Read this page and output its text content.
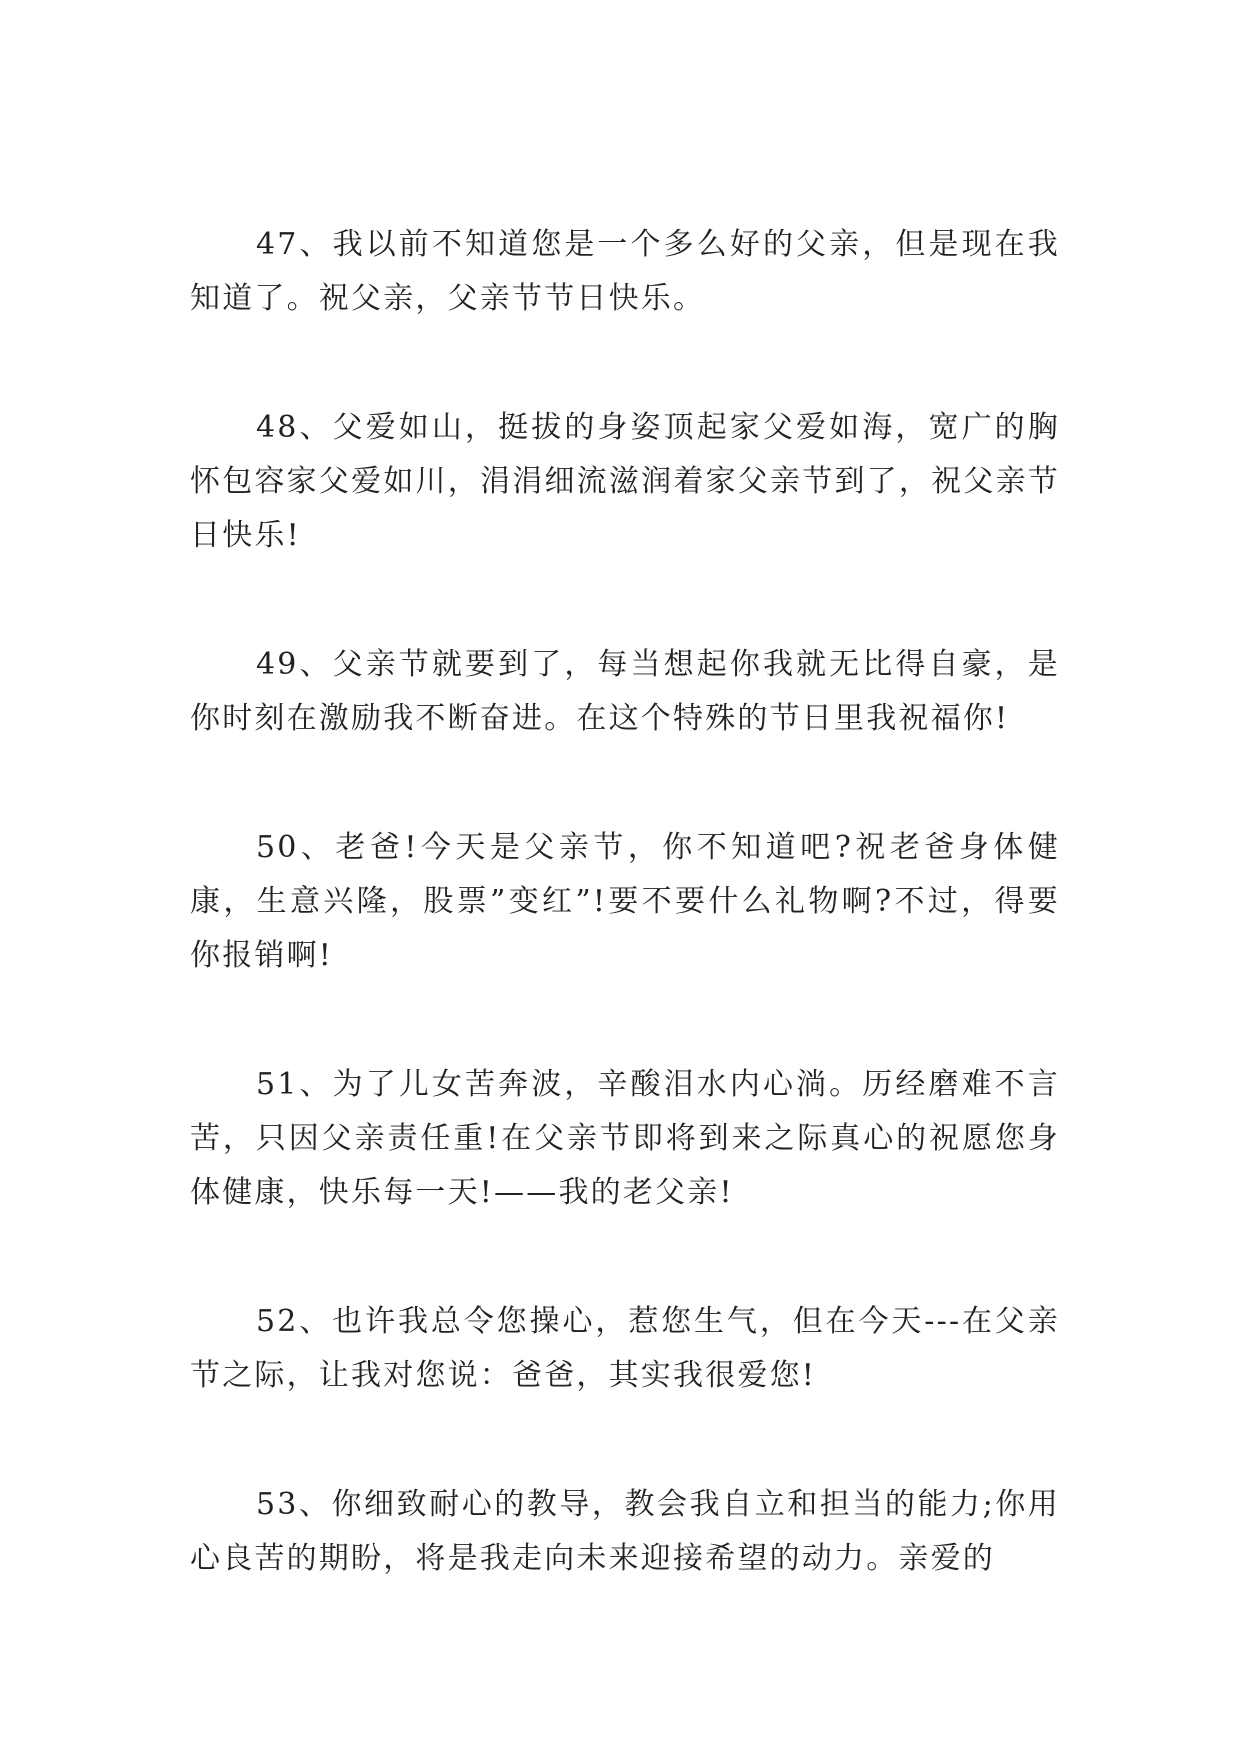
47、我以前不知道您是一个多么好的父亲，但是现在我知道了。祝父亲，父亲节节日快乐。

48、父爱如山，挺拔的身姿顶起家父爱如海，宽广的胸怀包容家父爱如川，涓涓细流滋润着家父亲节到了，祝父亲节日快乐!

49、父亲节就要到了，每当想起你我就无比得自豪，是你时刻在激励我不断奋进。在这个特殊的节日里我祝福你!

50、老爸!今天是父亲节，你不知道吧?祝老爸身体健康，生意兴隆，股票”变红”!要不要什么礼物啊?不过，得要你报销啊!

51、为了儿女苦奔波，辛酸泪水内心淌。历经磨难不言苦，只因父亲责任重!在父亲节即将到来之际真心的祝愿您身体健康，快乐每一天!——我的老父亲!

52、也许我总令您操心，惹您生气，但在今天---在父亲节之际，让我对您说：爸爸，其实我很爱您!

53、你细致耐心的教导，教会我自立和担当的能力;你用心良苦的期盼，将是我走向未来迎接希望的动力。亲爱的
